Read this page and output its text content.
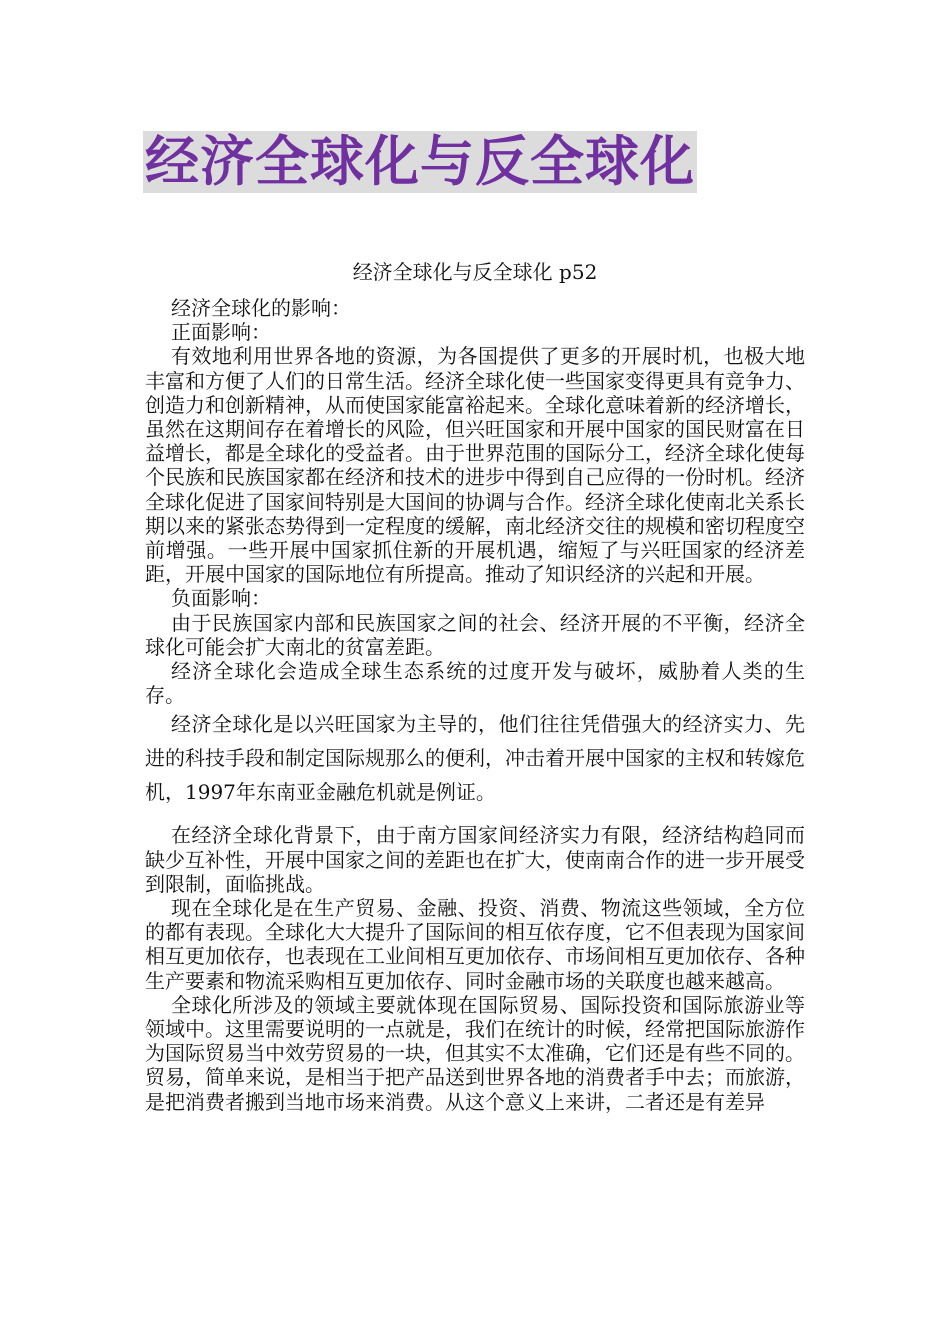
经济全球化与反全球化
经济全球化与反全球化 p52

经济全球化的影响：

正面影响：

有效地利用世界各地的资源，为各国提供了更多的开展时机，也极大地丰富和方便了人们的日常生活。经济全球化使一些国家变得更具有竞争力、创造力和创新精神，从而使国家能富裕起来。全球化意味着新的经济增长，虽然在这期间存在着增长的风险，但兴旺国家和开展中国家的国民财富在日益增长，都是全球化的受益者。由于世界范围的国际分工，经济全球化使每个民族和民族国家都在经济和技术的进步中得到自己应得的一份时机。经济全球化促进了国家间特别是大国间的协调与合作。经济全球化使南北关系长期以来的紧张态势得到一定程度的缓解，南北经济交往的规模和密切程度空前增强。一些开展中国家抓住新的开展机遇，缩短了与兴旺国家的经济差距，开展中国家的国际地位有所提高。推动了知识经济的兴起和开展。

负面影响：

由于民族国家内部和民族国家之间的社会、经济开展的不平衡，经济全球化可能会扩大南北的贫富差距。

经济全球化会造成全球生态系统的过度开发与破坏，威胁着人类的生存。

经济全球化是以兴旺国家为主导的，他们往往凭借强大的经济实力、先进的科技手段和制定国际规那么的便利，冲击着开展中国家的主权和转嫁危机，1997年东南亚金融危机就是例证。

在经济全球化背景下，由于南方国家间经济实力有限，经济结构趋同而缺少互补性，开展中国家之间的差距也在扩大，使南南合作的进一步开展受到限制，面临挑战。

现在全球化是在生产贸易、金融、投资、消费、物流这些领域，全方位的都有表现。全球化大大提升了国际间的相互依存度，它不但表现为国家间相互更加依存，也表现在工业间相互更加依存、市场间相互更加依存、各种生产要素和物流采购相互更加依存、同时金融市场的关联度也越来越高。

全球化所涉及的领域主要就体现在国际贸易、国际投资和国际旅游业等领域中。这里需要说明的一点就是，我们在统计的时候，经常把国际旅游作为国际贸易当中效劳贸易的一块，但其实不太准确，它们还是有些不同的。贸易，简单来说，是相当于把产品送到世界各地的消费者手中去；而旅游，是把消费者搬到当地市场来消费。从这个意义上来讲，二者还是有差异
